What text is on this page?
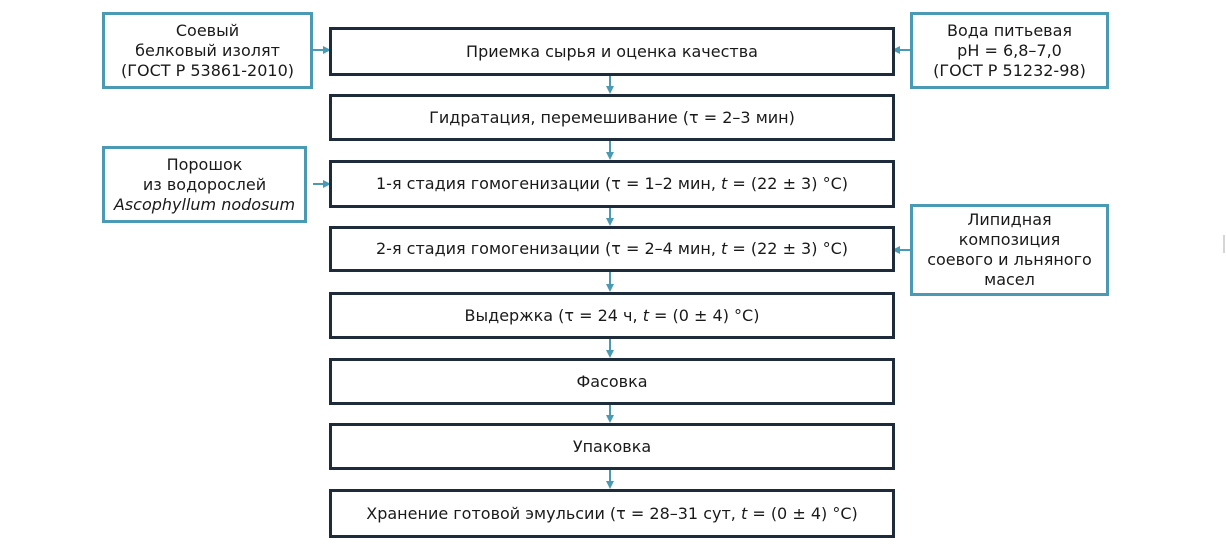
Приемка сырья и оценка качества
Гидратация, перемешивание (τ = 2–3 мин)
1-я стадия гомогенизации (τ = 1–2 мин, t = (22 ± 3) °C)
2-я стадия гомогенизации (τ = 2–4 мин, t = (22 ± 3) °C)
Выдержка (τ = 24 ч, t = (0 ± 4) °C)
Фасовка
Упаковка
Хранение готовой эмульсии (τ = 28–31 сут, t = (0 ± 4) °C)
Соевый
белковый изолят
(ГОСТ Р 53861-2010)
Вода питьевая
pH = 6,8–7,0
(ГОСТ Р 51232-98)
Порошок
из водорослей
Ascophyllum nodosum
Липидная
композиция
соевого и льняного
масел
